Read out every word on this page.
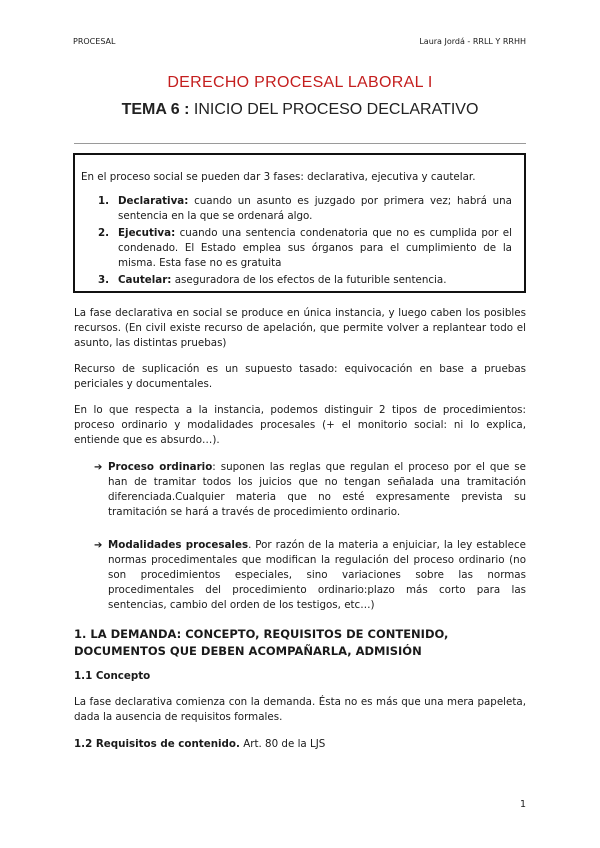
PROCESAL	Laura Jordá - RRLL Y RRHH
DERECHO PROCESAL LABORAL I
TEMA 6 : INICIO DEL PROCESO DECLARATIVO
En el proceso social se pueden dar 3 fases: declarativa, ejecutiva y cautelar.
1. Declarativa: cuando un asunto es juzgado por primera vez; habrá una sentencia en la que se ordenará algo.
2. Ejecutiva: cuando una sentencia condenatoria que no es cumplida por el condenado. El Estado emplea sus órganos para el cumplimiento de la misma. Esta fase no es gratuita
3. Cautelar: aseguradora de los efectos de la futurible sentencia.
La fase declarativa en social se produce en única instancia, y luego caben los posibles recursos. (En civil existe recurso de apelación, que permite volver a replantear todo el asunto, las distintas pruebas)
Recurso de suplicación es un supuesto tasado: equivocación en base a pruebas periciales y documentales.
En lo que respecta a la instancia, podemos distinguir 2 tipos de procedimientos: proceso ordinario y modalidades procesales (+ el monitorio social: ni lo explica, entiende que es absurdo…).
➔ Proceso ordinario: suponen las reglas que regulan el proceso por el que se han de tramitar todos los juicios que no tengan señalada una tramitación diferenciada.Cualquier materia que no esté expresamente prevista su tramitación se hará a través de procedimiento ordinario.
➔ Modalidades procesales. Por razón de la materia a enjuiciar, la ley establece normas procedimentales que modifican la regulación del proceso ordinario (no son procedimientos especiales, sino variaciones sobre las normas procedimentales del procedimiento ordinario:plazo más corto para las sentencias, cambio del orden de los testigos, etc…)
1. LA DEMANDA: CONCEPTO, REQUISITOS DE CONTENIDO, DOCUMENTOS QUE DEBEN ACOMPAÑARLA, ADMISIÓN
1.1 Concepto
La fase declarativa comienza con la demanda. Ésta no es más que una mera papeleta, dada la ausencia de requisitos formales.
1.2 Requisitos de contenido. Art. 80 de la LJS
1
